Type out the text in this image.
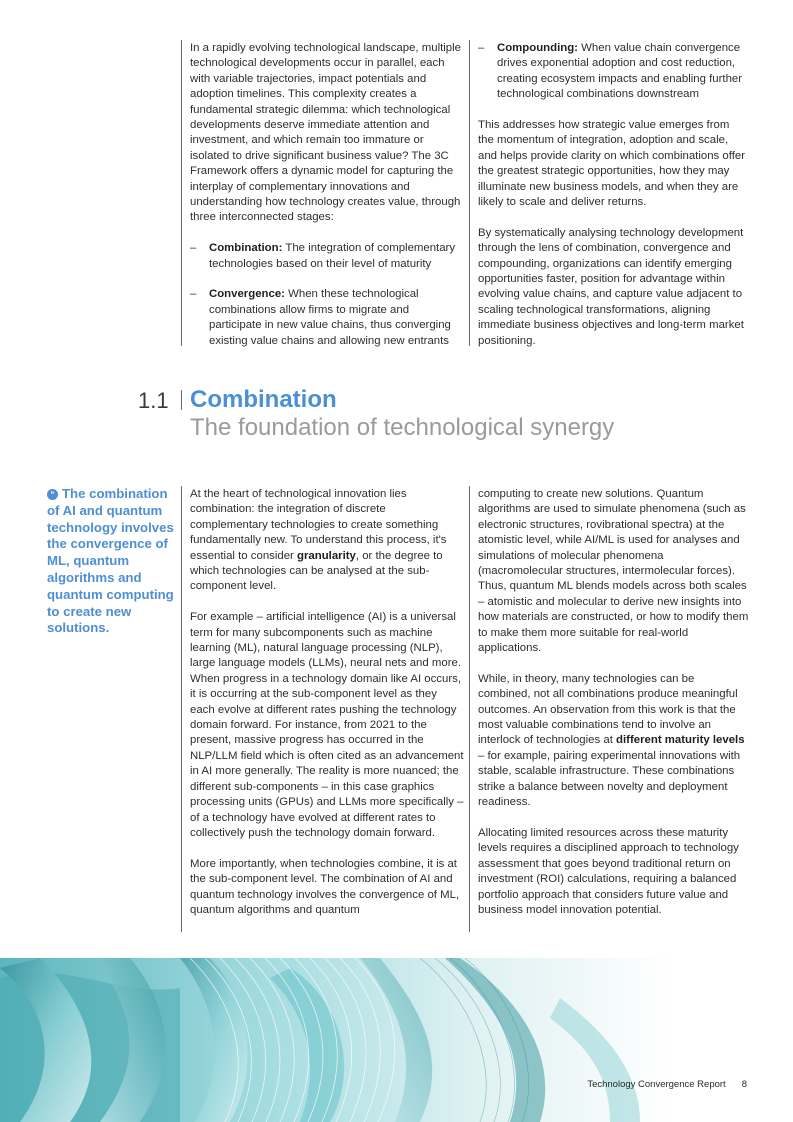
In a rapidly evolving technological landscape, multiple technological developments occur in parallel, each with variable trajectories, impact potentials and adoption timelines. This complexity creates a fundamental strategic dilemma: which technological developments deserve immediate attention and investment, and which remain too immature or isolated to drive significant business value? The 3C Framework offers a dynamic model for capturing the interplay of complementary innovations and understanding how technology creates value, through three interconnected stages:

– Combination: The integration of complementary technologies based on their level of maturity
– Convergence: When these technological combinations allow firms to migrate and participate in new value chains, thus converging existing value chains and allowing new entrants
– Compounding: When value chain convergence drives exponential adoption and cost reduction, creating ecosystem impacts and enabling further technological combinations downstream

This addresses how strategic value emerges from the momentum of integration, adoption and scale, and helps provide clarity on which combinations offer the greatest strategic opportunities, how they may illuminate new business models, and when they are likely to scale and deliver returns.

By systematically analysing technology development through the lens of combination, convergence and compounding, organizations can identify emerging opportunities faster, position for advantage within evolving value chains, and capture value adjacent to scaling technological transformations, aligning immediate business objectives and long-term market positioning.

1.1 Combination
The foundation of technological synergy
“ The combination of AI and quantum technology involves the convergence of ML, quantum algorithms and quantum computing to create new solutions.

At the heart of technological innovation lies combination: the integration of discrete complementary technologies to create something fundamentally new. To understand this process, it's essential to consider granularity, or the degree to which technologies can be analysed at the sub-component level.

For example – artificial intelligence (AI) is a universal term for many subcomponents such as machine learning (ML), natural language processing (NLP), large language models (LLMs), neural nets and more. When progress in a technology domain like AI occurs, it is occurring at the sub-component level as they each evolve at different rates pushing the technology domain forward. For instance, from 2021 to the present, massive progress has occurred in the NLP/LLM field which is often cited as an advancement in AI more generally. The reality is more nuanced; the different sub-components – in this case graphics processing units (GPUs) and LLMs more specifically – of a technology have evolved at different rates to collectively push the technology domain forward.

More importantly, when technologies combine, it is at the sub-component level. The combination of AI and quantum technology involves the convergence of ML, quantum algorithms and quantum

computing to create new solutions. Quantum algorithms are used to simulate phenomena (such as electronic structures, rovibrational spectra) at the atomistic level, while AI/ML is used for analyses and simulations of molecular phenomena (macromolecular structures, intermolecular forces). Thus, quantum ML blends models across both scales – atomistic and molecular to derive new insights into how materials are constructed, or how to modify them to make them more suitable for real-world applications.

While, in theory, many technologies can be combined, not all combinations produce meaningful outcomes. An observation from this work is that the most valuable combinations tend to involve an interlock of technologies at different maturity levels – for example, pairing experimental innovations with stable, scalable infrastructure. These combinations strike a balance between novelty and deployment readiness.

Allocating limited resources across these maturity levels requires a disciplined approach to technology assessment that goes beyond traditional return on investment (ROI) calculations, requiring a balanced portfolio approach that considers future value and business model innovation potential.

Technology Convergence Report 8
